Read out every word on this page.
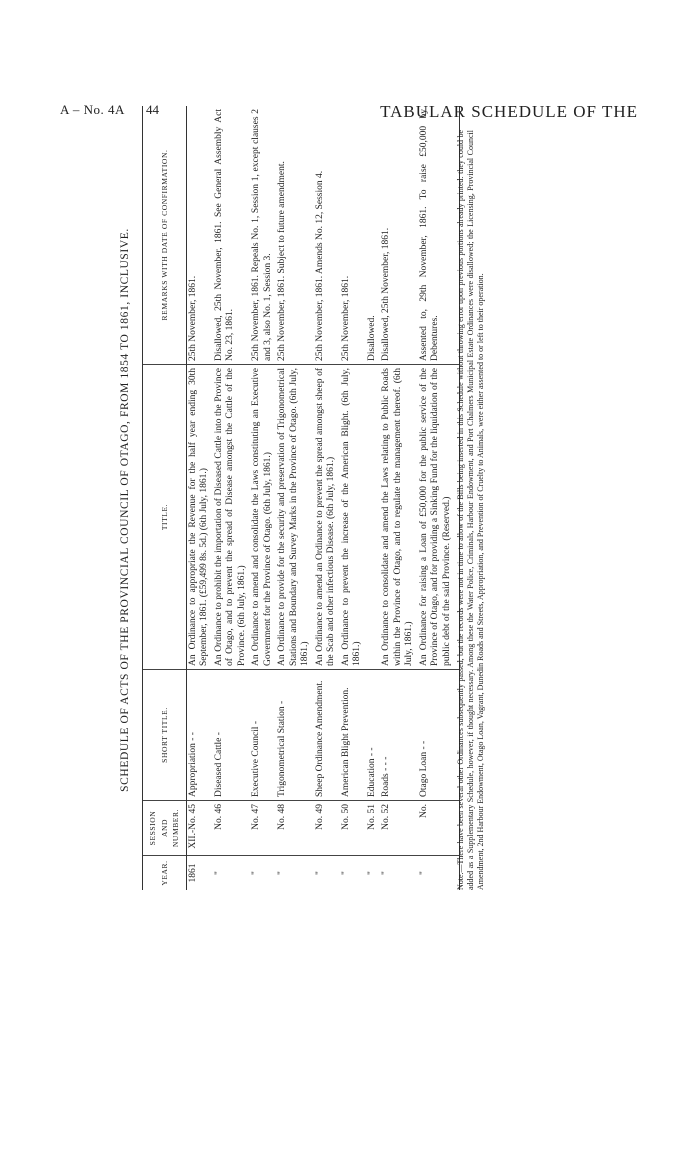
A – No. 4A 44	TABULAR SCHEDULE OF THE
SCHEDULE OF ACTS OF THE PROVINCIAL COUNCIL OF OTAGO, FROM 1854 TO 1861, INCLUSIVE.
YEAR.	SESSION AND NUMBER.	SHORT TITLE.	TITLE.	REMARKS WITH DATE OF CONFIRMATION.
1861	XII.-No. 45	Appropriation - -	An Ordinance to appropriate the Revenue for the half year ending 30th September, 1861. (£59,499 8s. 5d.) (6th July, 1861.)	25th November, 1861.
"	No. 46	Diseased Cattle -	An Ordinance to prohibit the importation of Diseased Cattle into the Province of Otago, and to prevent the spread of Disease amongst the Cattle of the Province. (6th July, 1861.)	Disallowed, 25th November, 1861. See General Assembly Act No. 23, 1861.
"	No. 47	Executive Council -	An Ordinance to amend and consolidate the Laws constituting an Executive Government for the Province of Otago. (6th July, 1861.)	25th November, 1861. Repeals No. 1, Session 1, except clauses 2 and 3, also No. 1, Session 3.
"	No. 48	Trigonometrical Station -	An Ordinance to provide for the security and preservation of Trigonometrical Stations and Boundary and Survey Marks in the Province of Otago. (6th July, 1861.)	25th November, 1861. Subject to future amendment.
"	No. 49	Sheep Ordinance Amendment.	An Ordinance to amend an Ordinance to prevent the spread amongst sheep of the Scab and other infectious Disease. (6th July, 1861.)	25th November, 1861. Amends No. 12, Session 4.
"	No. 50	American Blight Prevention.	An Ordinance to prevent the increase of the American Blight. (6th July, 1861.)	25th November, 1861.
"	No. 51	Education - -		Disallowed.
"	No. 52	Roads - - -	An Ordinance to consolidate and amend the Laws relating to Public Roads within the Province of Otago, and to regulate the management thereof. (6th July, 1861.)	Disallowed, 25th November, 1861.
"	No.	Otago Loan - -	An Ordinance for raising a Loan of £50,000 for the public service of the Province of Otago, and for providing a Sinking Fund for the liquidation of the public debt of the said Province. (Reserved.)	Assented to, 29th November, 1861. To raise £50,000 by Debentures. Note.—There have been several other Ordinances subsequently passed, but the records were not in time to allow of the Bills being inserted in this Schedule without throwing error upon previous portions already printed: they could be added as a Supplementary Schedule, however, if thought necessary. Among these the Water Police, Criminals, Harbour Endowment, and Port Chalmers Municipal Estate Ordinances were disallowed; the Licensing, Provincial Council Amendment, 2nd Harbour Endowment, Otago Loan, Vagrant, Dunedin Roads and Streets, Appropriation, and Prevention of Cruelty to Animals, were either assented to or left to their operation.
